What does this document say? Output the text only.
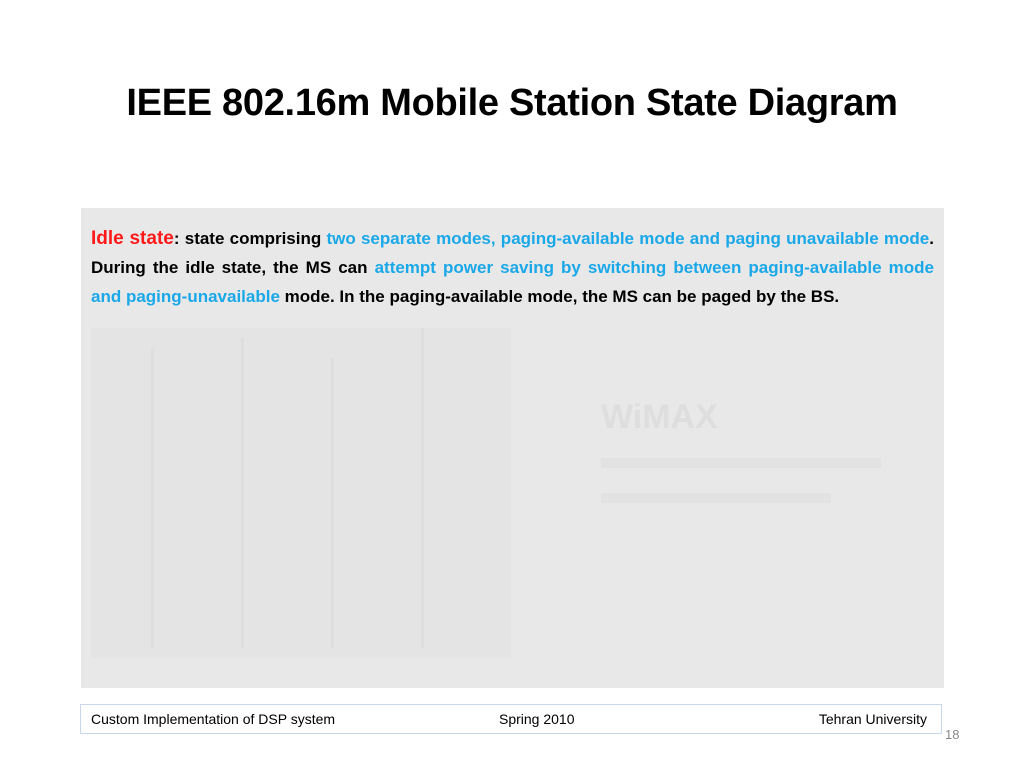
IEEE 802.16m Mobile Station State Diagram
WiMAX
Idle state: state comprising two separate modes, paging-available mode and paging unavailable mode. During the idle state, the MS can attempt power saving by switching between paging-available mode and paging-unavailable mode. In the paging-available mode, the MS can be paged by the BS.
Custom Implementation of DSP system	Spring 2010	Tehran University
18
